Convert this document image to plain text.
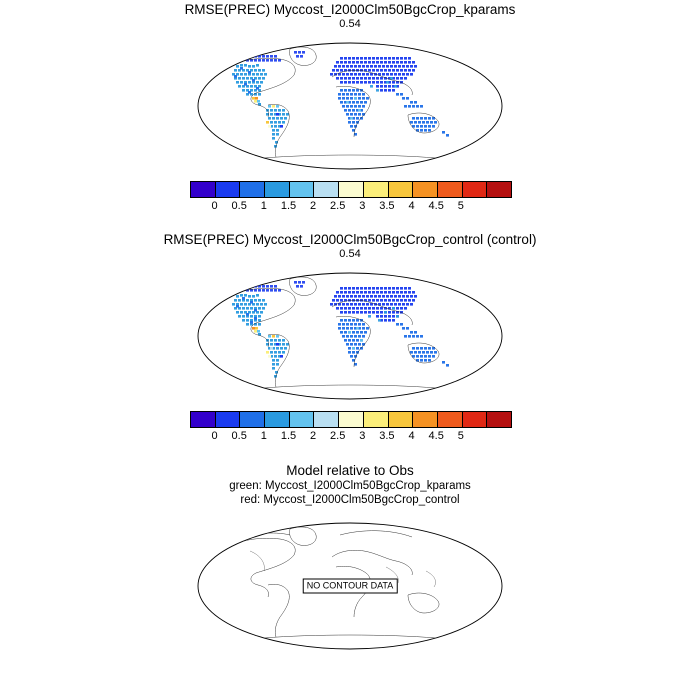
RMSE(PREC) Myccost_I2000Clm50BgcCrop_kparams
0.54
0 0.5 1 1.5 2 2.5 3 3.5 4 4.5 5
RMSE(PREC) Myccost_I2000Clm50BgcCrop_control (control)
0.54
0 0.5 1 1.5 2 2.5 3 3.5 4 4.5 5
Model relative to Obs
green: Myccost_I2000Clm50BgcCrop_kparams
red: Myccost_I2000Clm50BgcCrop_control
NO CONTOUR DATA
